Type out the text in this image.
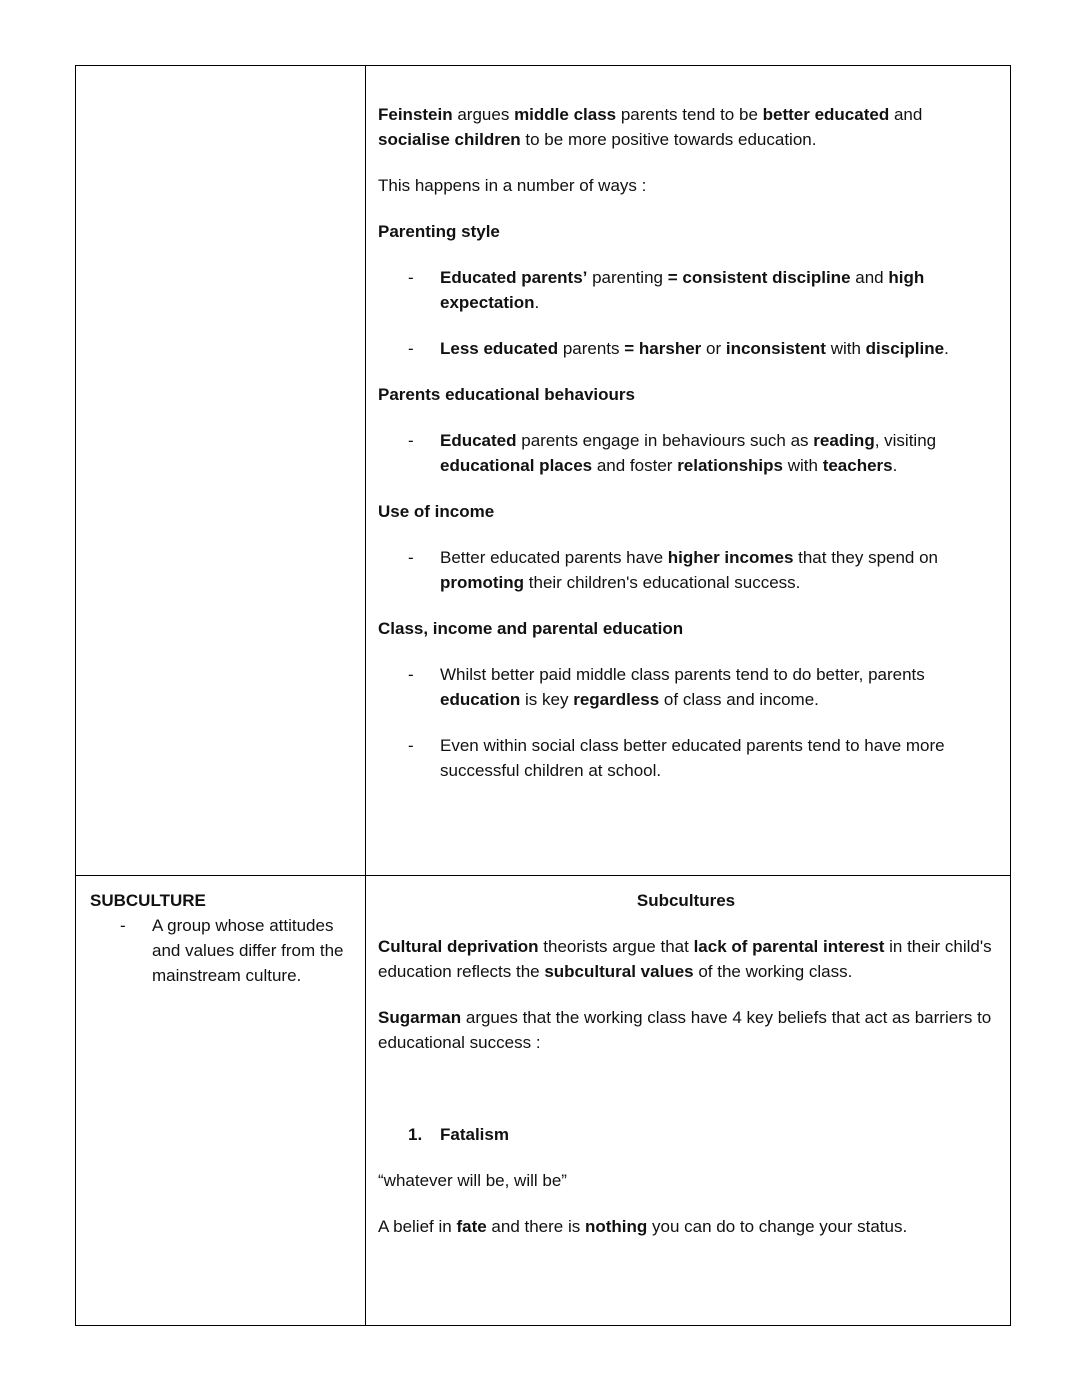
Feinstein argues middle class parents tend to be better educated and socialise children to be more positive towards education.
This happens in a number of ways :
Parenting style
-	Educated parents’ parenting = consistent discipline and high expectation.
-	Less educated parents = harsher or inconsistent with discipline.
Parents educational behaviours
-	Educated parents engage in behaviours such as reading, visiting educational places and foster relationships with teachers.
Use of income
-	Better educated parents have higher incomes that they spend on promoting their children's educational success.
Class, income and parental education
-	Whilst better paid middle class parents tend to do better, parents education is key regardless of class and income.
-	Even within social class better educated parents tend to have more successful children at school.

SUBCULTURE
-	A group whose attitudes and values differ from the mainstream culture.

Subcultures
Cultural deprivation theorists argue that lack of parental interest in their child's education reflects the subcultural values of the working class.
Sugarman argues that the working class have 4 key beliefs that act as barriers to educational success :
1.	Fatalism
“whatever will be, will be”
A belief in fate and there is nothing you can do to change your status.
